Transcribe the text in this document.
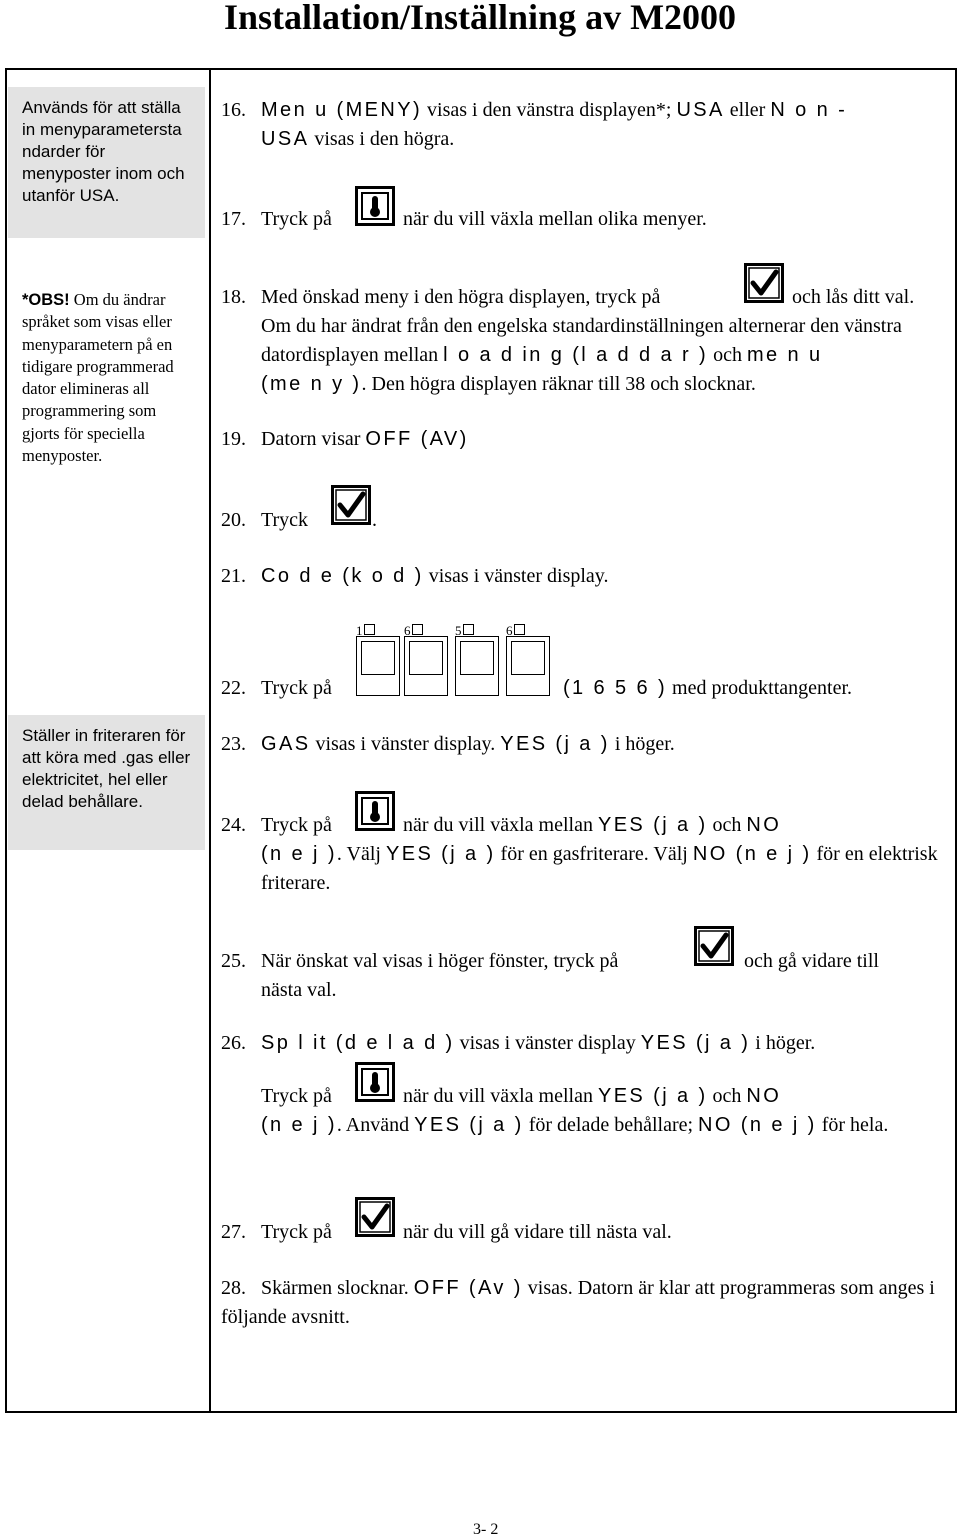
Installation/Inställning av M2000
Används för att ställa in menyparametersta ndarder för menyposter inom och utanför USA.
*OBS! Om du ändrar språket som visas eller menyparametern på en tidigare programmerad dator elimineras all programmering som gjorts för speciella menyposter.
Ställer in friteraren för att köra med .gas eller elektricitet, hel eller delad behållare.
16. Men u (MENY) visas i den vänstra displayen*; USA eller N o n -
USA visas i den högra.
17. Tryck på	när du vill växla mellan olika menyer.
18. Med önskad meny i den högra displayen, tryck på	och lås ditt val.
Om du har ändrat från den engelska standardinställningen alternerar den vänstra datordisplayen mellan l o a d in g (l a d d a r ) och me n u
(me n y ). Den högra displayen räknar till 38 och slocknar.
19. Datorn visar OFF (AV)
20. Tryck	.
21. Co d e (k o d ) visas i vänster display.
1	6	5	6
22. Tryck på	(1 6 5 6 ) med produkttangenter.
23. GAS visas i vänster display. YES (j a ) i höger.
24. Tryck på	när du vill växla mellan YES (j a ) och NO
(n e j ). Välj YES (j a ) för en gasfriterare. Välj NO (n e j ) för en elektrisk friterare.
25. När önskat val visas i höger fönster, tryck på	och gå vidare till
nästa val.
26. Sp l it (d e l a d ) visas i vänster display YES (j a ) i höger.
Tryck på	när du vill växla mellan YES (j a ) och NO
(n e j ). Använd YES (j a ) för delade behållare; NO (n e j ) för hela.
27. Tryck på	när du vill gå vidare till nästa val.
28. Skärmen slocknar. OFF (Av ) visas. Datorn är klar att programmeras som anges i följande avsnitt.
3- 2
